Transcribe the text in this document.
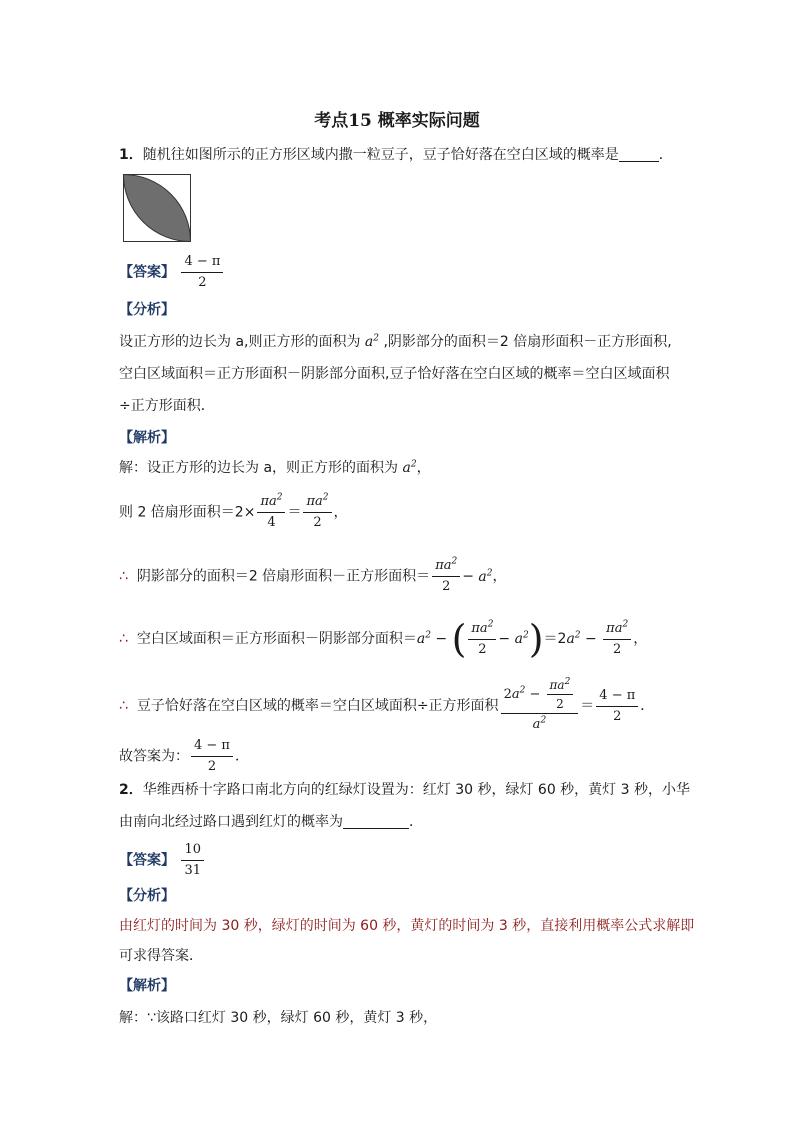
考点15 概率实际问题
1．随机往如图所示的正方形区域内撒一粒豆子，豆子恰好落在空白区域的概率是	．
【答案】 $\frac{4 - \pi}{2}$
【分析】
设正方形的边长为 a,则正方形的面积为 $a^2$ ,阴影部分的面积＝2 倍扇形面积－正方形面积,
空白区域面积＝正方形面积－阴影部分面积,豆子恰好落在空白区域的概率＝空白区域面积
÷正方形面积．
【解析】
解：设正方形的边长为 a，则正方形的面积为 $a^2$，
则 2 倍扇形面积$=2\times \frac{\pi a^2}{4} = \frac{\pi a^2}{2}$ ，
∴ 阴影部分的面积＝2 倍扇形面积－正方形面积＝ $\frac{\pi a^2}{2} - a^2$，
∴ 空白区域面积＝正方形面积－阴影部分面积$=a^2$ − ( $\frac{\pi a^2}{2} - a^2)=2a^2 - \frac{\pi a^2}{2}$ ，
∴ 豆子恰好落在空白区域的概率＝空白区域面积÷正方形面积 $\frac{2a^2 - \frac{\pi a^2}{2}}{a^2} = \frac{4 - \pi}{2}$ ．
故答案为： $\frac{4 - \pi}{2}$ ．
2．华维西桥十字路口南北方向的红绿灯设置为：红灯 30 秒，绿灯 60 秒，黄灯 3 秒，小华
由南向北经过路口遇到红灯的概率为	．
【答案】 $\frac{10}{31}$
【分析】
由红灯的时间为 30 秒，绿灯的时间为 60 秒，黄灯的时间为 3 秒，直接利用概率公式求解即
可求得答案．
【解析】
解：∵该路口红灯 30 秒，绿灯 60 秒，黄灯 3 秒，
